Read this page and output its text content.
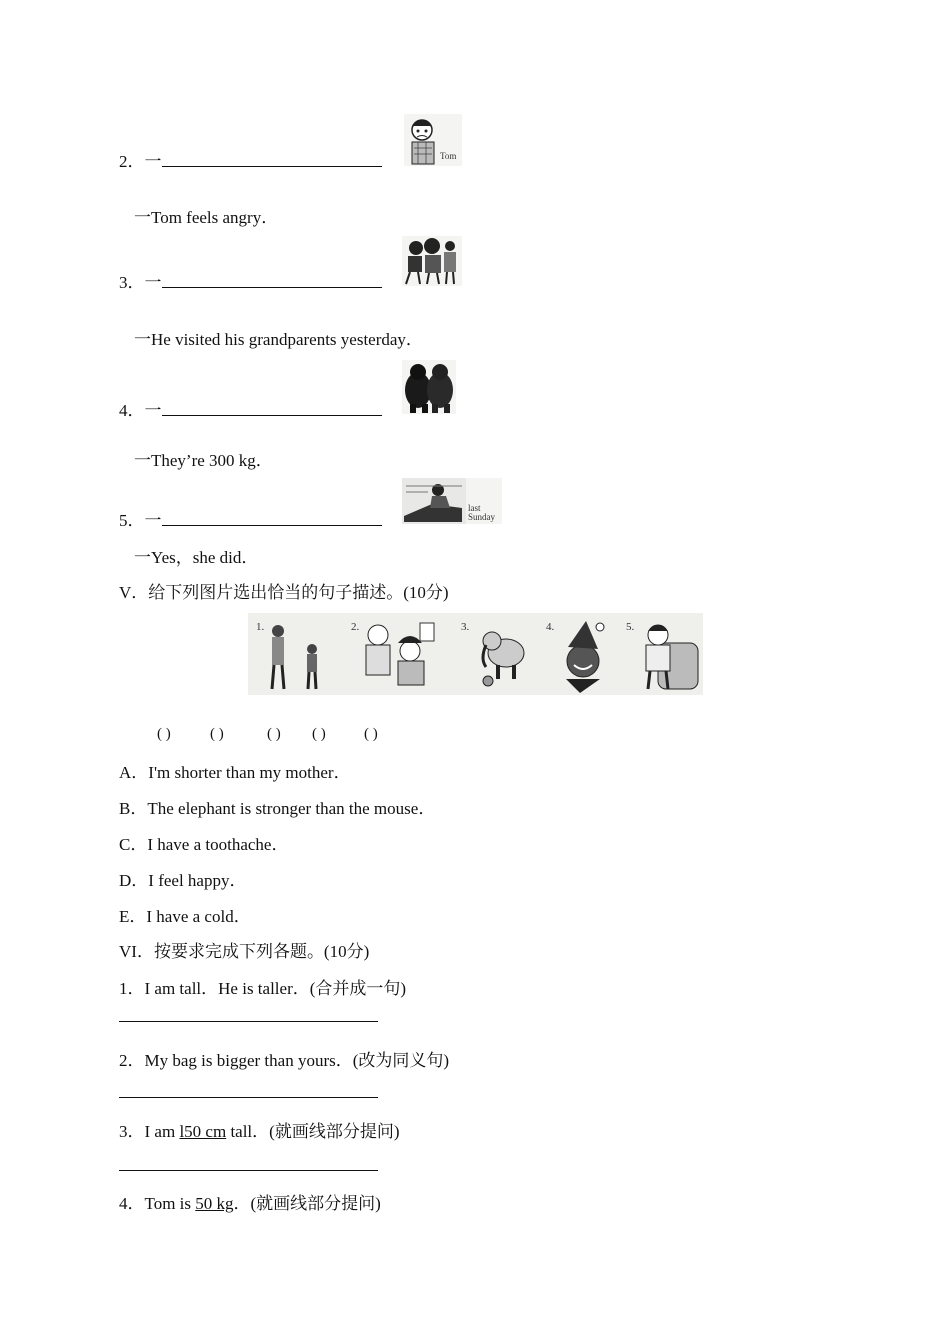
2．一	Tom
一Tom feels angry．
3．一
一He visited his grandparents yesterday．
4．一
一They’re 300 kg．
5．一
last
Sunday
一Yes，she did．
V．给下列图片选出恰当的句子描述。(10分)
1.	2.	3.	4.	5.
( )	( )	( ) ( )	( )
A．I'm shorter than my mother．
B．The elephant is stronger than the mouse．
C．I have a toothache．
D．I feel happy．
E．I have a cold．
VI．按要求完成下列各题。(10分)
1．I am tall．He is taller．(合并成一句)
2．My bag is bigger than yours．(改为同义句)
3．I am l50 cm tall．(就画线部分提问)
4．Tom is 50 kg．(就画线部分提问)
